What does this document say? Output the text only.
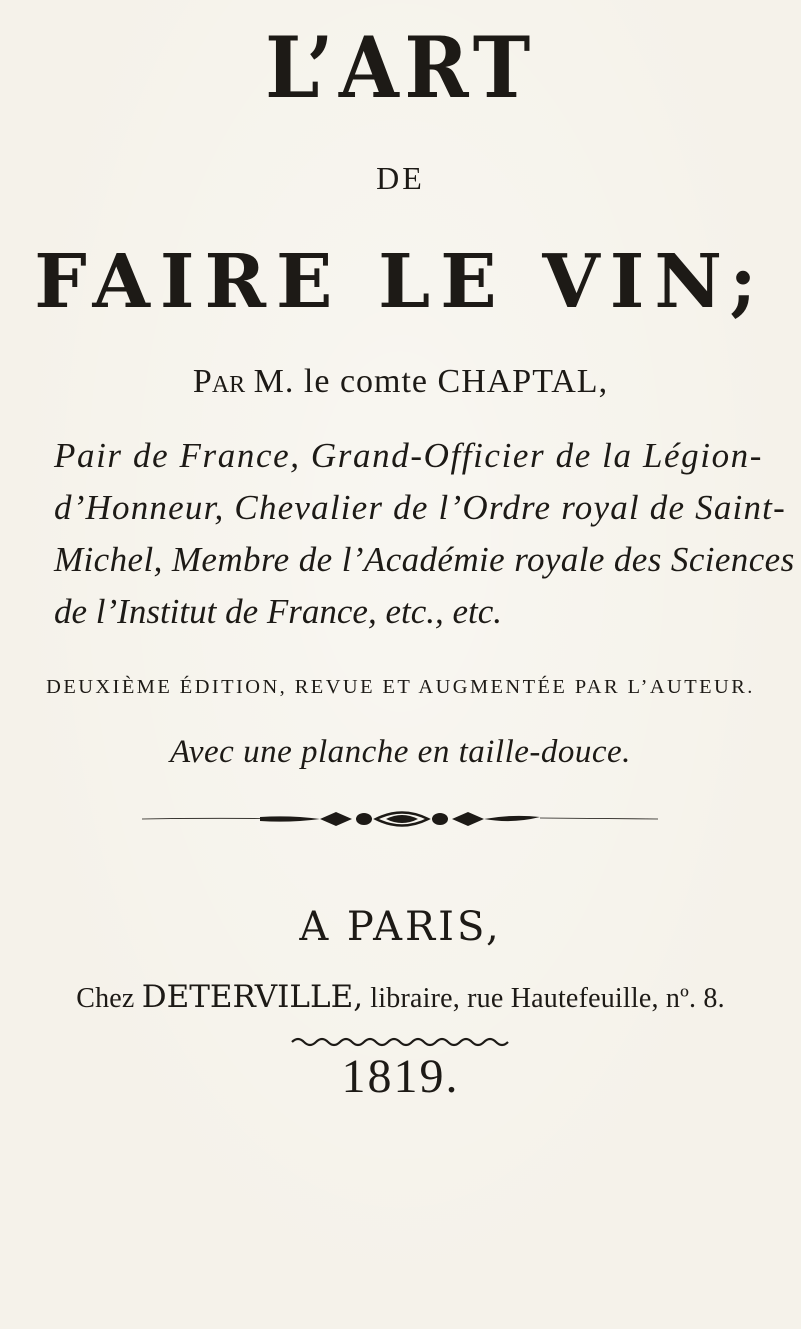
L’ART
DE
FAIRE LE VIN;
Par M. le comte CHAPTAL,
Pair de France, Grand-Officier de la Légion-
d’Honneur, Chevalier de l’Ordre royal de Saint-
Michel, Membre de l’Académie royale des Sciences
de l’Institut de France, etc., etc.
DEUXIÈME ÉDITION, REVUE ET AUGMENTÉE PAR L’AUTEUR.
Avec une planche en taille-douce.
A PARIS,
Chez DETERVILLE, libraire, rue Hautefeuille, nº. 8.
1819.
